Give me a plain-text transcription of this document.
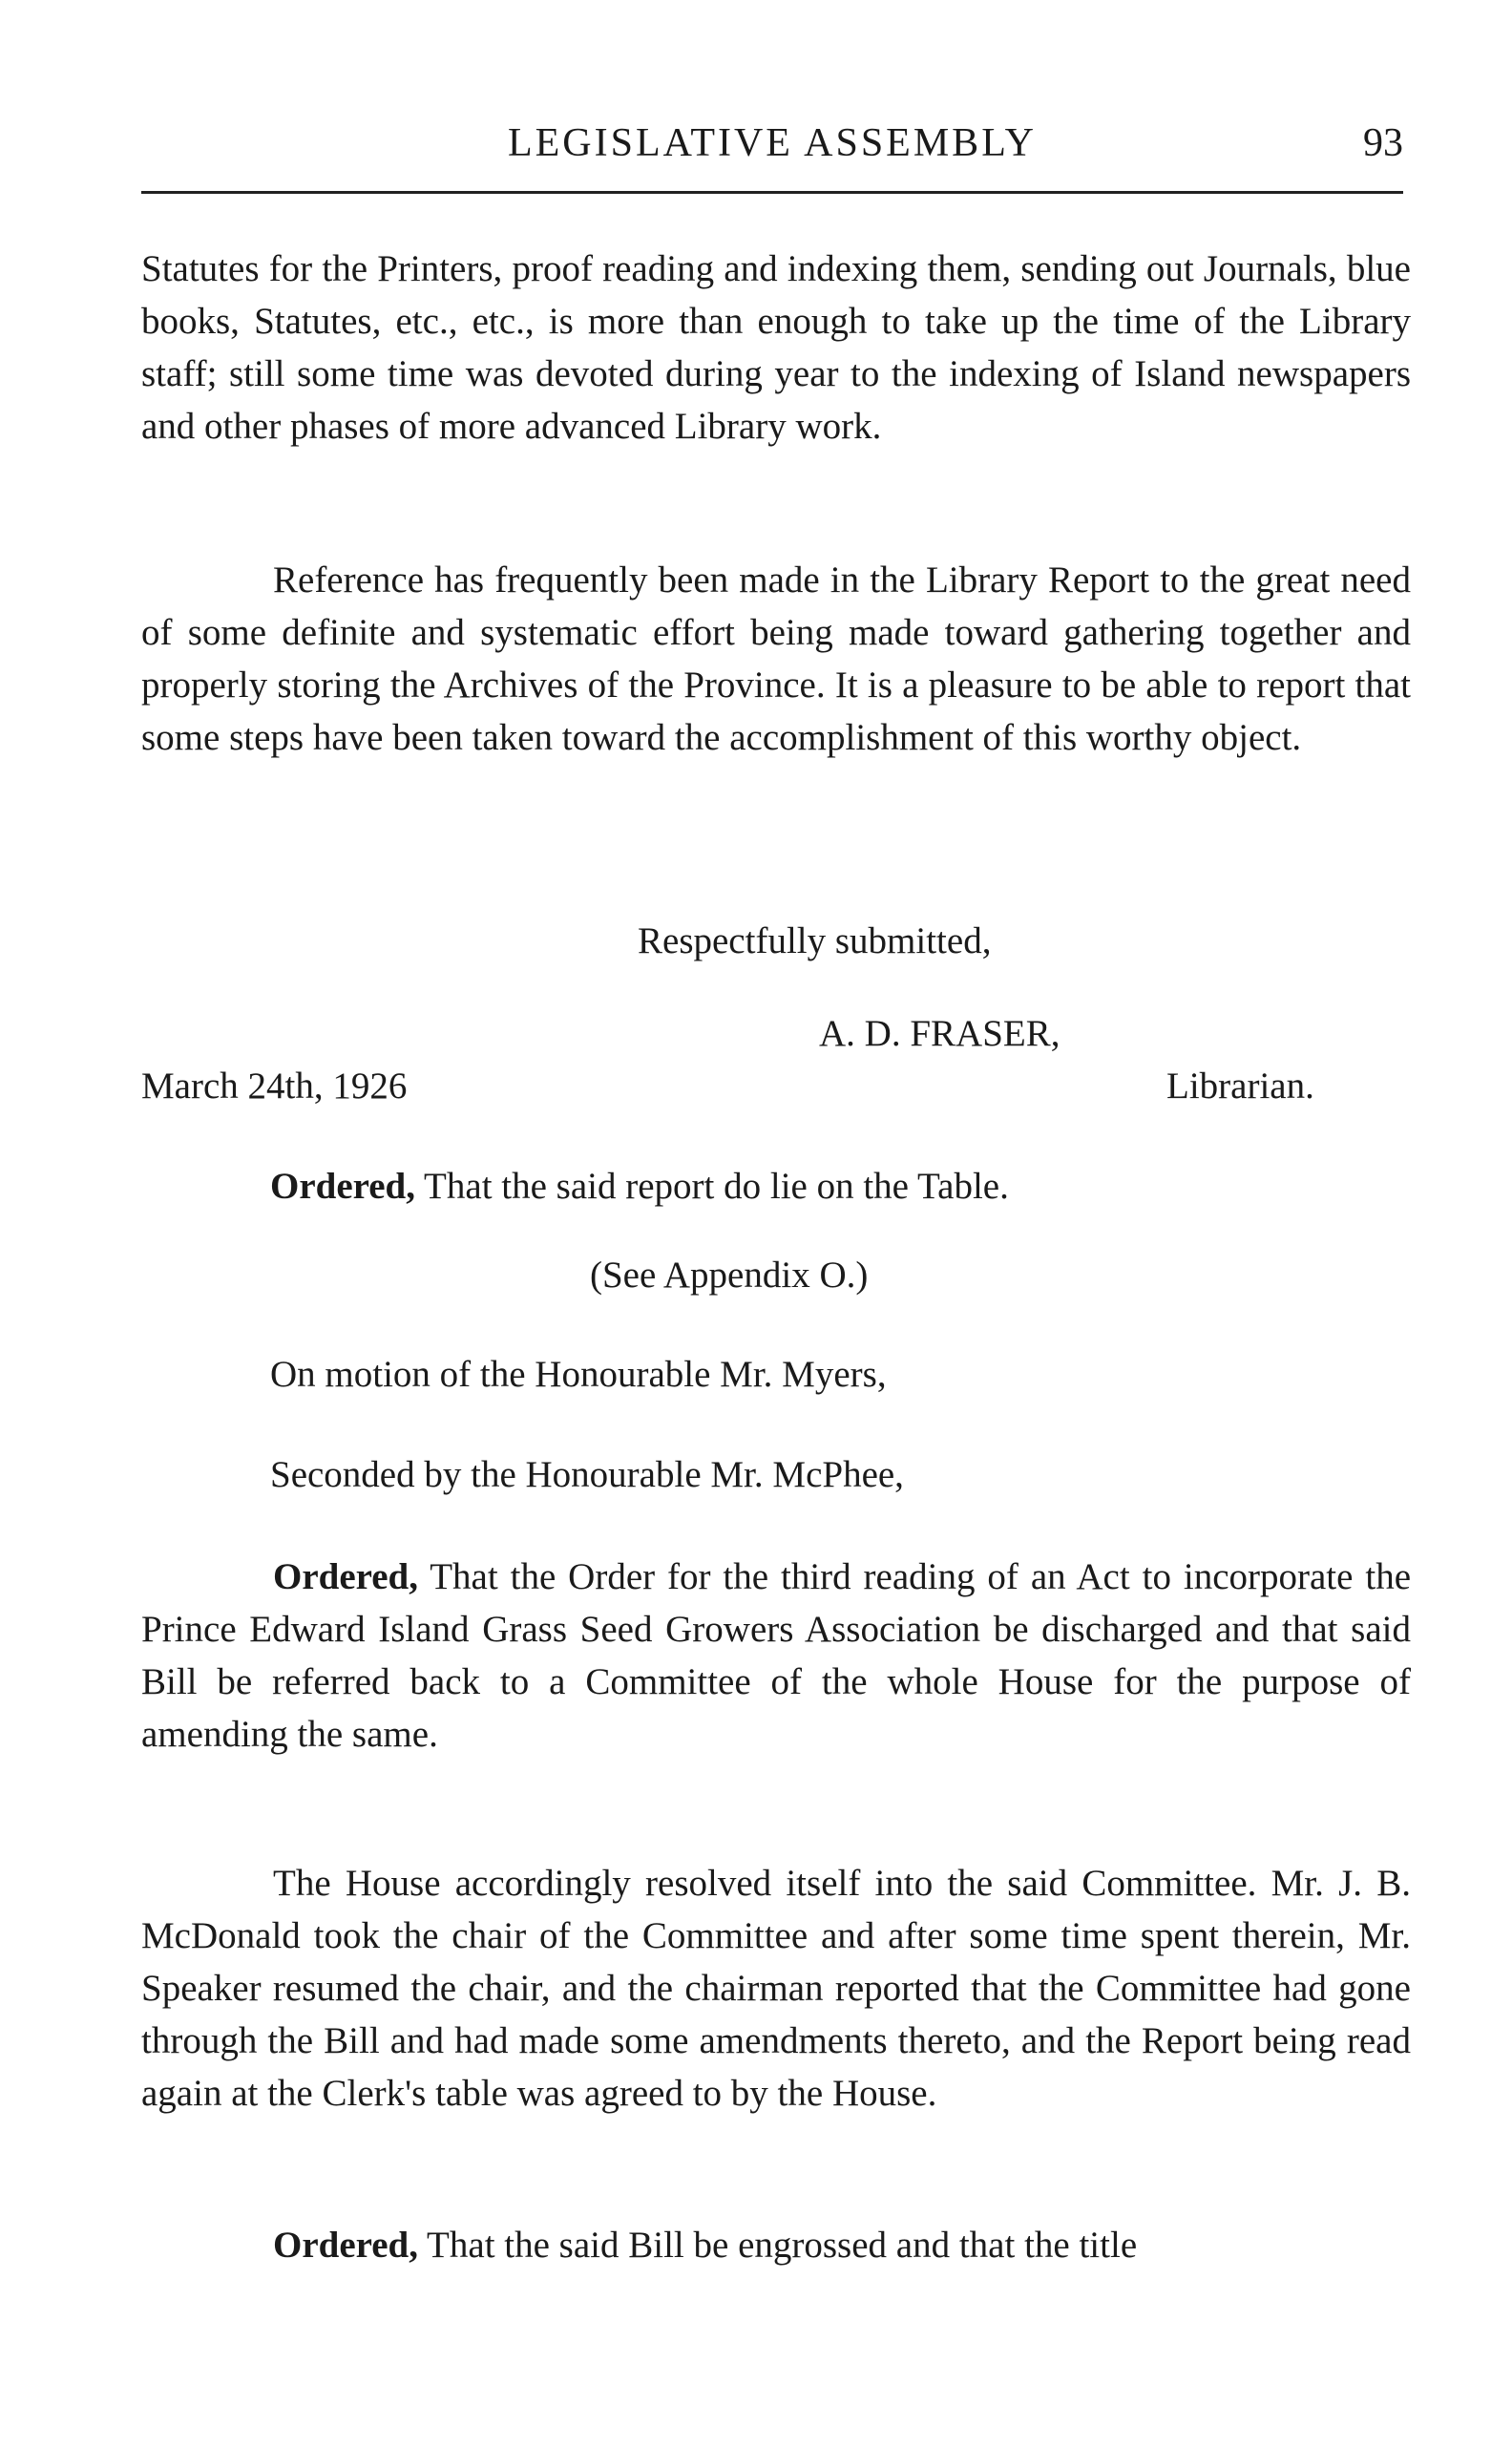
LEGISLATIVE ASSEMBLY	93

Statutes for the Printers, proof reading and indexing them, sending out Journals, blue books, Statutes, etc., etc., is more than enough to take up the time of the Library staff; still some time was devoted during year to the indexing of Island newspapers and other phases of more advanced Library work.

Reference has frequently been made in the Library Report to the great need of some definite and systematic effort being made toward gathering together and properly storing the Archives of the Province. It is a pleasure to be able to report that some steps have been taken toward the accomplishment of this worthy object.

Respectfully submitted,

A. D. FRASER,

March 24th, 1926	Librarian.

Ordered, That the said report do lie on the Table.

(See Appendix O.)

On motion of the Honourable Mr. Myers,

Seconded by the Honourable Mr. McPhee,

Ordered, That the Order for the third reading of an Act to incorporate the Prince Edward Island Grass Seed Growers Association be discharged and that said Bill be referred back to a Committee of the whole House for the purpose of amending the same.

The House accordingly resolved itself into the said Committee. Mr. J. B. McDonald took the chair of the Committee and after some time spent therein, Mr. Speaker resumed the chair, and the chairman reported that the Committee had gone through the Bill and had made some amendments thereto, and the Report being read again at the Clerk's table was agreed to by the House.

Ordered, That the said Bill be engrossed and that the title
